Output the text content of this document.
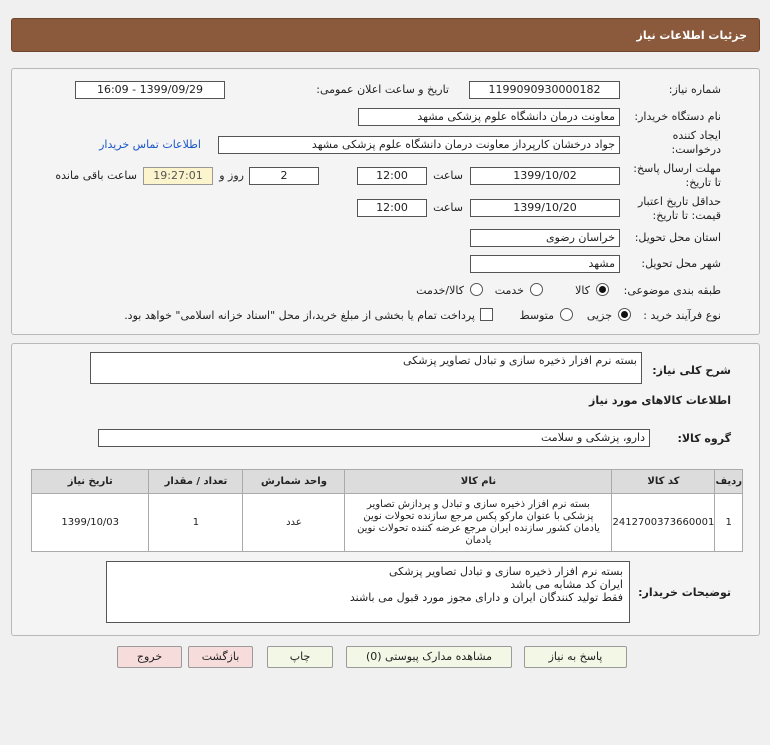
جزئیات اطلاعات نیاز
شماره نیاز:
1199090930000182
تاریخ و ساعت اعلان عمومی:
1399/09/29 - 16:09
نام دستگاه خریدار:
معاونت درمان دانشگاه علوم پزشکی مشهد
ایجاد کننده
درخواست:
جواد درخشان کارپرداز معاونت درمان دانشگاه علوم پزشکی مشهد
اطلاعات تماس خریدار
مهلت ارسال پاسخ:
تا تاریخ:
1399/10/02
ساعت
12:00
2
روز و
19:27:01
ساعت باقی مانده
حداقل تاریخ اعتبار
قیمت: تا تاریخ:
1399/10/20
ساعت
12:00
استان محل تحویل:
خراسان رضوی
شهر محل تحویل:
مشهد
طبقه بندی موضوعی:
کالا
خدمت
کالا/خدمت
نوع فرآیند خرید :
جزیی
متوسط
پرداخت تمام یا بخشی از مبلغ خرید،از محل "اسناد خزانه اسلامی" خواهد بود.
شرح کلی نیاز:
بسته نرم افزار ذخیره سازی و تبادل تصاویر پزشکی
اطلاعات کالاهای مورد نیاز
گروه کالا:
دارو، پزشکی و سلامت
ردیف	کد کالا	نام کالا	واحد شمارش	تعداد / مقدار	تاریخ نیاز
1	2412700373660001	بسته نرم افزار ذخیره سازی و تبادل و پردازش تصاویر
پزشکی با عنوان مارکو پکس مرجع سازنده تحولات نوین
یادمان کشور سازنده ایران مرجع عرضه کننده تحولات نوین
یادمان	عدد	1	1399/10/03
توضیحات خریدار:
بسته نرم افزار ذخیره سازی و تبادل تصاویر پزشکی
ایران کد مشابه می باشد
فقط تولید کنندگان ایران و دارای مجوز مورد قبول می باشند
پاسخ به نیاز
مشاهده مدارک پیوستی (0)
چاپ
بازگشت
خروج
